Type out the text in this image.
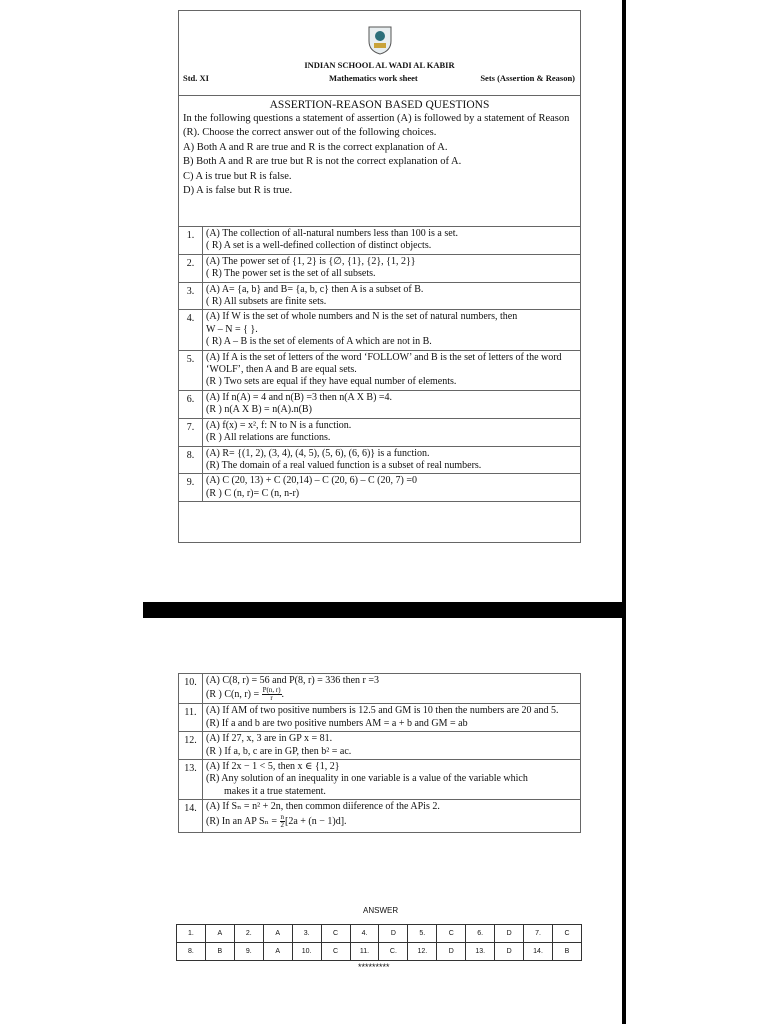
INDIAN SCHOOL AL WADI AL KABIR
Std. XI	Mathematics work sheet	Sets (Assertion & Reason)
ASSERTION-REASON BASED QUESTIONS
In the following questions a statement of assertion (A) is followed by a statement of Reason (R). Choose the correct answer out of the following choices.
A) Both A and R are true and R is the correct explanation of A.
B) Both A and R are true but R is not the correct explanation of A.
C) A is true but R is false.
D) A is false but R is true.
1.	(A) The collection of all-natural numbers less than 100 is a set.
( R) A set is a well-defined collection of distinct objects.

2.	(A) The power set of {1, 2} is {∅, {1}, {2}, {1, 2}}
( R) The power set is the set of all subsets.

3.	(A) A= {a, b} and B= {a, b, c} then A is a subset of B.
( R) All subsets are finite sets.

4.	(A) If W is the set of whole numbers and N is the set of natural numbers, then
W – N = { }.
( R) A – B is the set of elements of A which are not in B.

5.	(A) If A is the set of letters of the word ‘FOLLOW’ and B is the set of letters of the word ‘WOLF’, then A and B are equal sets.
(R ) Two sets are equal if they have equal number of elements.

6.	(A) If n(A) = 4 and n(B) =3 then n(A X B) =4.
(R ) n(A X B) = n(A).n(B)

7.	(A) f(x) = x², f: N to N is a function.
(R ) All relations are functions.

8.	(A) R= {(1, 2), (3, 4), (4, 5), (5, 6), (6, 6)} is a function.
(R) The domain of a real valued function is a subset of real numbers.

9.	(A) C (20, 13) + C (20,14) – C (20, 6) – C (20, 7) =0
(R ) C (n, r)= C (n, n-r)
10.	(A) C(8, r) = 56 and P(8, r) = 336 then r =3
(R ) C(n, $r) = \frac{P(n, r)}{r}$ .

11.	(A) If AM of two positive numbers is 12.5 and GM is 10 then the numbers are 20 and 5.
(R) If a and b are two positive numbers AM = a + b and GM = ab

12.	(A) If 27, x, 3 are in GP x = 81.
(R ) If a, b, c are in GP, then b² = ac.

13.	(A) If 2x − 1 < 5, then x ∈ {1, 2}
(R) Any solution of an inequality in one variable is a value of the variable which
makes it a true statement.

14.	(A) If Sₙ = n² + 2n, then common diiference of the APis 2.
(R) In an AP $S_n = \frac{n}{2} [2a + (n - 1)d]$.
ANSWER
1.	A	2.	A	3.	C	4.	D	5.	C	6.	D	7.	C
8.	B	9.	A	10.	C	11.	C.	12.	D	13.	D	14.	B
*********
